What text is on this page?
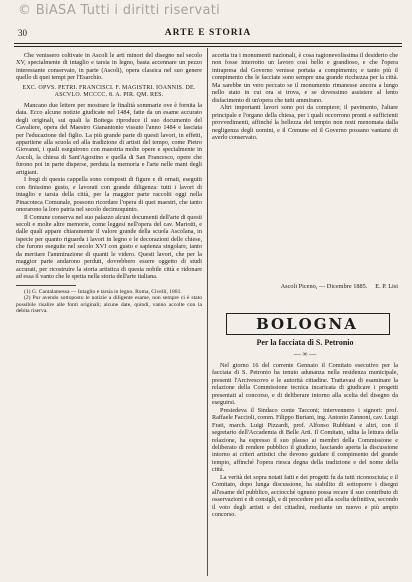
© BiASA Tutti i diritti riservati
30	ARTE E STORIA

Che venissero coltivate in Ascoli le arti minori del disegno nel secolo XV, specialmente di intaglio e tarsia in legno, basta accennare un pezzo interessante conservato, in parte (Ascoli), opera classica nel suo genere quello di quei tempi per l'Esarchio.

EXC. OPVS. PETRI. FRANCISCI. F. MAGISTRI. IOANNIS. DE. ASCVLO. MCCCC. 8. A. PIR. QM. RES.

Mancano due lettere per mostrare le finalità sommarie ove è fornita la data. Ecco alcune notizie giudicate nel 1484, fatte da un esame accurato degli originali, sui quali la Bottega riproduce il suo documento del Cavaliere, opera del Maestro Gianantonio vissuto l'anno 1484 e lasciata per l'educazione del figlio. La più grande parte di questi lavori, in effetti, appartiene alla scuola ed alla tradizione di artisti del tempo, come Pietro Giovanni, i quali eseguirono con maestria molte opere e specialmente in Ascoli, la chiesa di Sant'Agostino e quella di San Francesco, opere che furono poi in parte disperse, perduta la memoria e l'arte nelle mani degli artigiani.

I fregi di questa cappella sono composti di figure e di ornati, eseguiti con finissimo gusto, e lavorati con grande diligenza: tutti i lavori di intaglio e tarsia della città, per la maggior parte raccolti oggi nella Pinacoteca Comunale, possono ricordare l'opera di quei maestri, che tanto onorarono la loro patria nel secolo decimoquinto.

Il Comune conserva nel suo palazzo alcuni documenti dell'arte di questi secoli e molte altre memorie, come leggesi nell'opera del cav. Mariotti, e dalle quali appare chiaramente il valore grande della scuola Ascolana, in ispecie per quanto riguarda i lavori in legno e le decorazioni delle chiese, che furono eseguite nel secolo XVI con gusto e sapienza singolare, tanto da meritare l'ammirazione di quanti le videro. Questi lavori, che per la maggior parte andarono perduti, dovrebbero essere oggetto di studi accurati, per ricostruire la storia artistica di questa nobile città e ridonare ad essa il vanto che le spetta nella storia dell'arte italiana.

(1) G. Cantalamessa — Intaglio e tarsia in legno. Roma, Civelli, 1881.

(2) Pur avendo sottoposto le notizie a diligente esame, non sempre ci è stato possibile risalire alle fonti originali; alcune date, quindi, vanno accolte con la debita riserva.

accetta tra i monumenti nazionali, è cosa ragionevolissima il desiderio che non fosse interrotto un lavoro così bello e grandioso, e che l'opera intrapresa dal Governo venisse portata a compimento; e tanto più il compimento che le facciate sono sempre una grande ricchezza per la città. Ma sarebbe un vero peccato se il monumento rimanesse ancora a lungo nello stato in cui ora si trova, e se dovessimo assistere al lento disfacimento di un'opera che tutti ammirano.

Altri importanti lavori sono poi da compiere; il pavimento, l'altare principale e l'organo della chiesa, per i quali occorrono pronti e sufficienti provvedimenti, affinché la bellezza del tempio non resti menomata dalla negligenza degli uomini, e il Comune ed il Governo possano vantarsi di averlo conservato.

Ascoli Piceno, — Dicembre 1885. E. P. Lisi
BOLOGNA
Per la facciata di S. Petronio
— ∞ —

Nel giorno 16 del corrente Gennaio il Comitato esecutivo per la facciata di S. Petronio ha tenuto adunanza nella residenza municipale, presenti l'Arcivescovo e le autorità cittadine. Trattavasi di esaminare la relazione della Commissione tecnica incaricata di giudicare i progetti presentati al concorso, e di deliberare intorno alla scelta del disegno da eseguirsi.

Presiedeva il Sindaco conte Tacconi; intervennero i signori: prof. Raffaele Faccioli, comm. Filippo Buriani, ing. Antonio Zannoni, cav. Luigi Frati, march. Luigi Pizzardi, prof. Alfonso Rubbiani e altri, con il segretario dell'Accademia di Belle Arti. Il Comitato, udita la lettura della relazione, ha espresso il suo plauso ai membri della Commissione e deliberato di rendere pubblico il giudizio, lasciando aperta la discussione intorno ai criteri artistici che devono guidare il compimento del grande tempio, affinché l'opera riesca degna della tradizione e del nome della città.

La verità dei sopra notati fatti e dei progetti fu da tutti riconosciuta; e il Comitato, dopo lunga discussione, ha stabilito di sottoporre i disegni all'esame del pubblico, acciocché ognuno possa recare il suo contributo di osservazioni e di consigli, e di procedere poi alla scelta definitiva, secondo il voto degli artisti e dei cittadini, mediante un nuovo e più ampio concorso.
